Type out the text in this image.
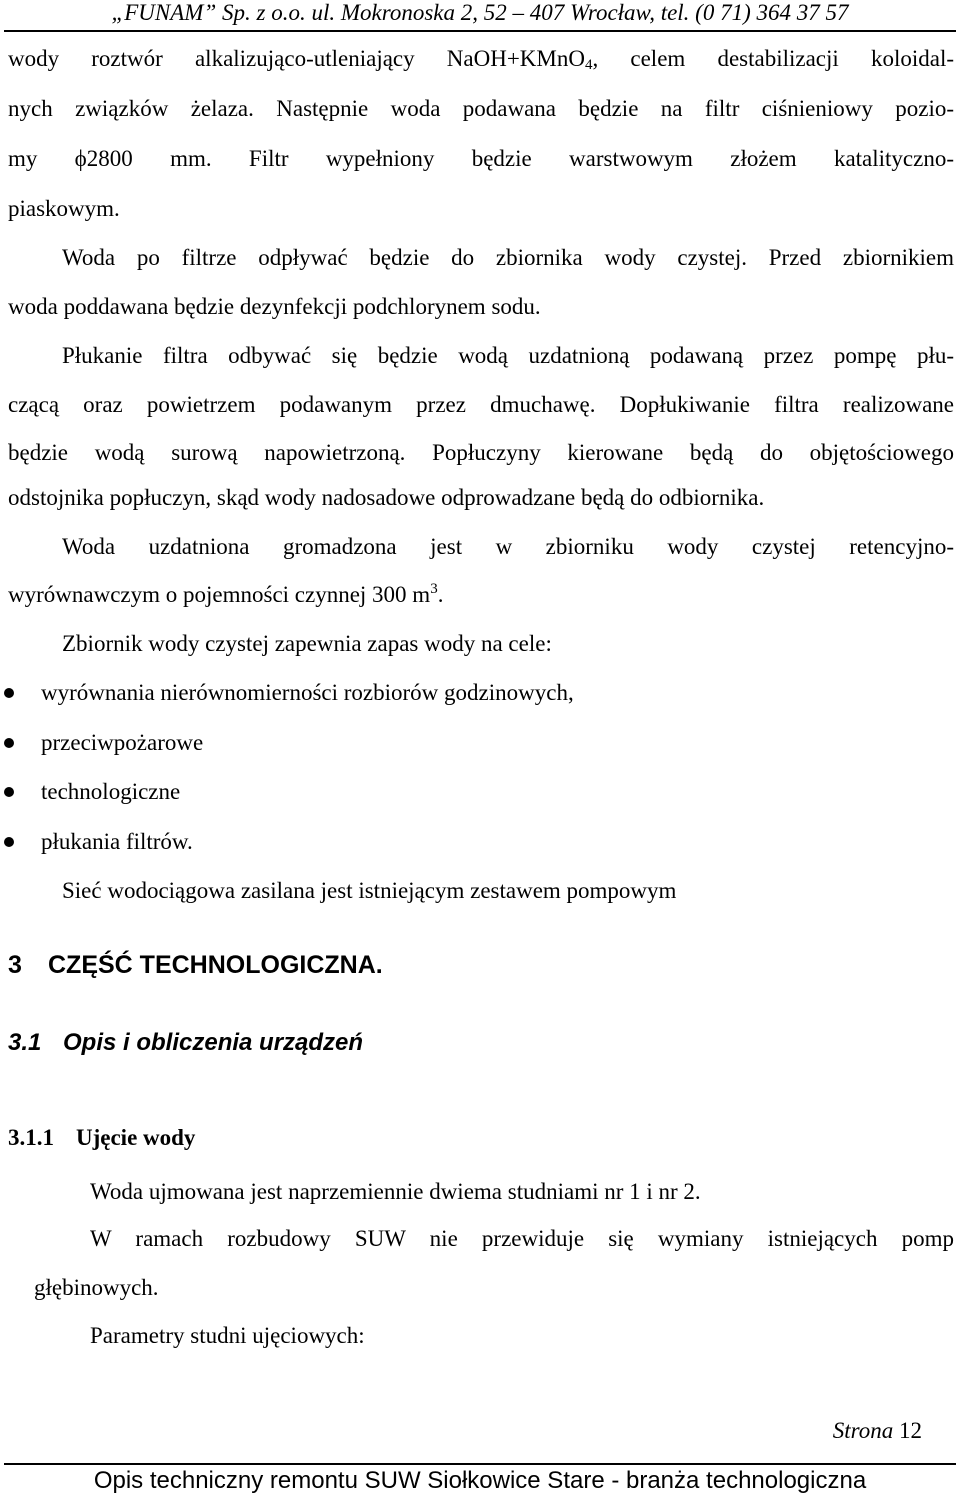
„FUNAM” Sp. z o.o. ul. Mokronoska 2, 52 – 407 Wrocław, tel. (0 71) 364 37 57
wody roztwór alkalizująco-utleniający NaOH+KMnO$_4$, celem destabilizacji koloidal-
nych związków żelaza. Następnie woda podawana będzie na filtr ciśnieniowy pozio-
my ϕ2800 mm. Filtr wypełniony będzie warstwowym złożem katalityczno-
piaskowym.
Woda po filtrze odpływać będzie do zbiornika wody czystej. Przed zbiornikiem
woda poddawana będzie dezynfekcji podchlorynem sodu.
Płukanie filtra odbywać się będzie wodą uzdatnioną podawaną przez pompę płu-
czącą oraz powietrzem podawanym przez dmuchawę. Dopłukiwanie filtra realizowane
będzie wodą surową napowietrzoną. Popłuczyny kierowane będą do objętościowego
odstojnika popłuczyn, skąd wody nadosadowe odprowadzane będą do odbiornika.
Woda uzdatniona gromadzona jest w zbiorniku wody czystej retencyjno-
wyrównawczym o pojemności czynnej 300 $m^3$.
Zbiornik wody czystej zapewnia zapas wody na cele:
wyrównania nierównomierności rozbiorów godzinowych,
przeciwpożarowe
technologiczne
płukania filtrów.
Sieć wodociągowa zasilana jest istniejącym zestawem pompowym
3 CZĘŚĆ TECHNOLOGICZNA.
3.1 Opis i obliczenia urządzeń
3.1.1 Ujęcie wody
Woda ujmowana jest naprzemiennie dwiema studniami nr 1 i nr 2.
W ramach rozbudowy SUW nie przewiduje się wymiany istniejących pomp
głębinowych.
Parametry studni ujęciowych:
Strona 12
Opis techniczny remontu SUW Siołkowice Stare - branża technologiczna
